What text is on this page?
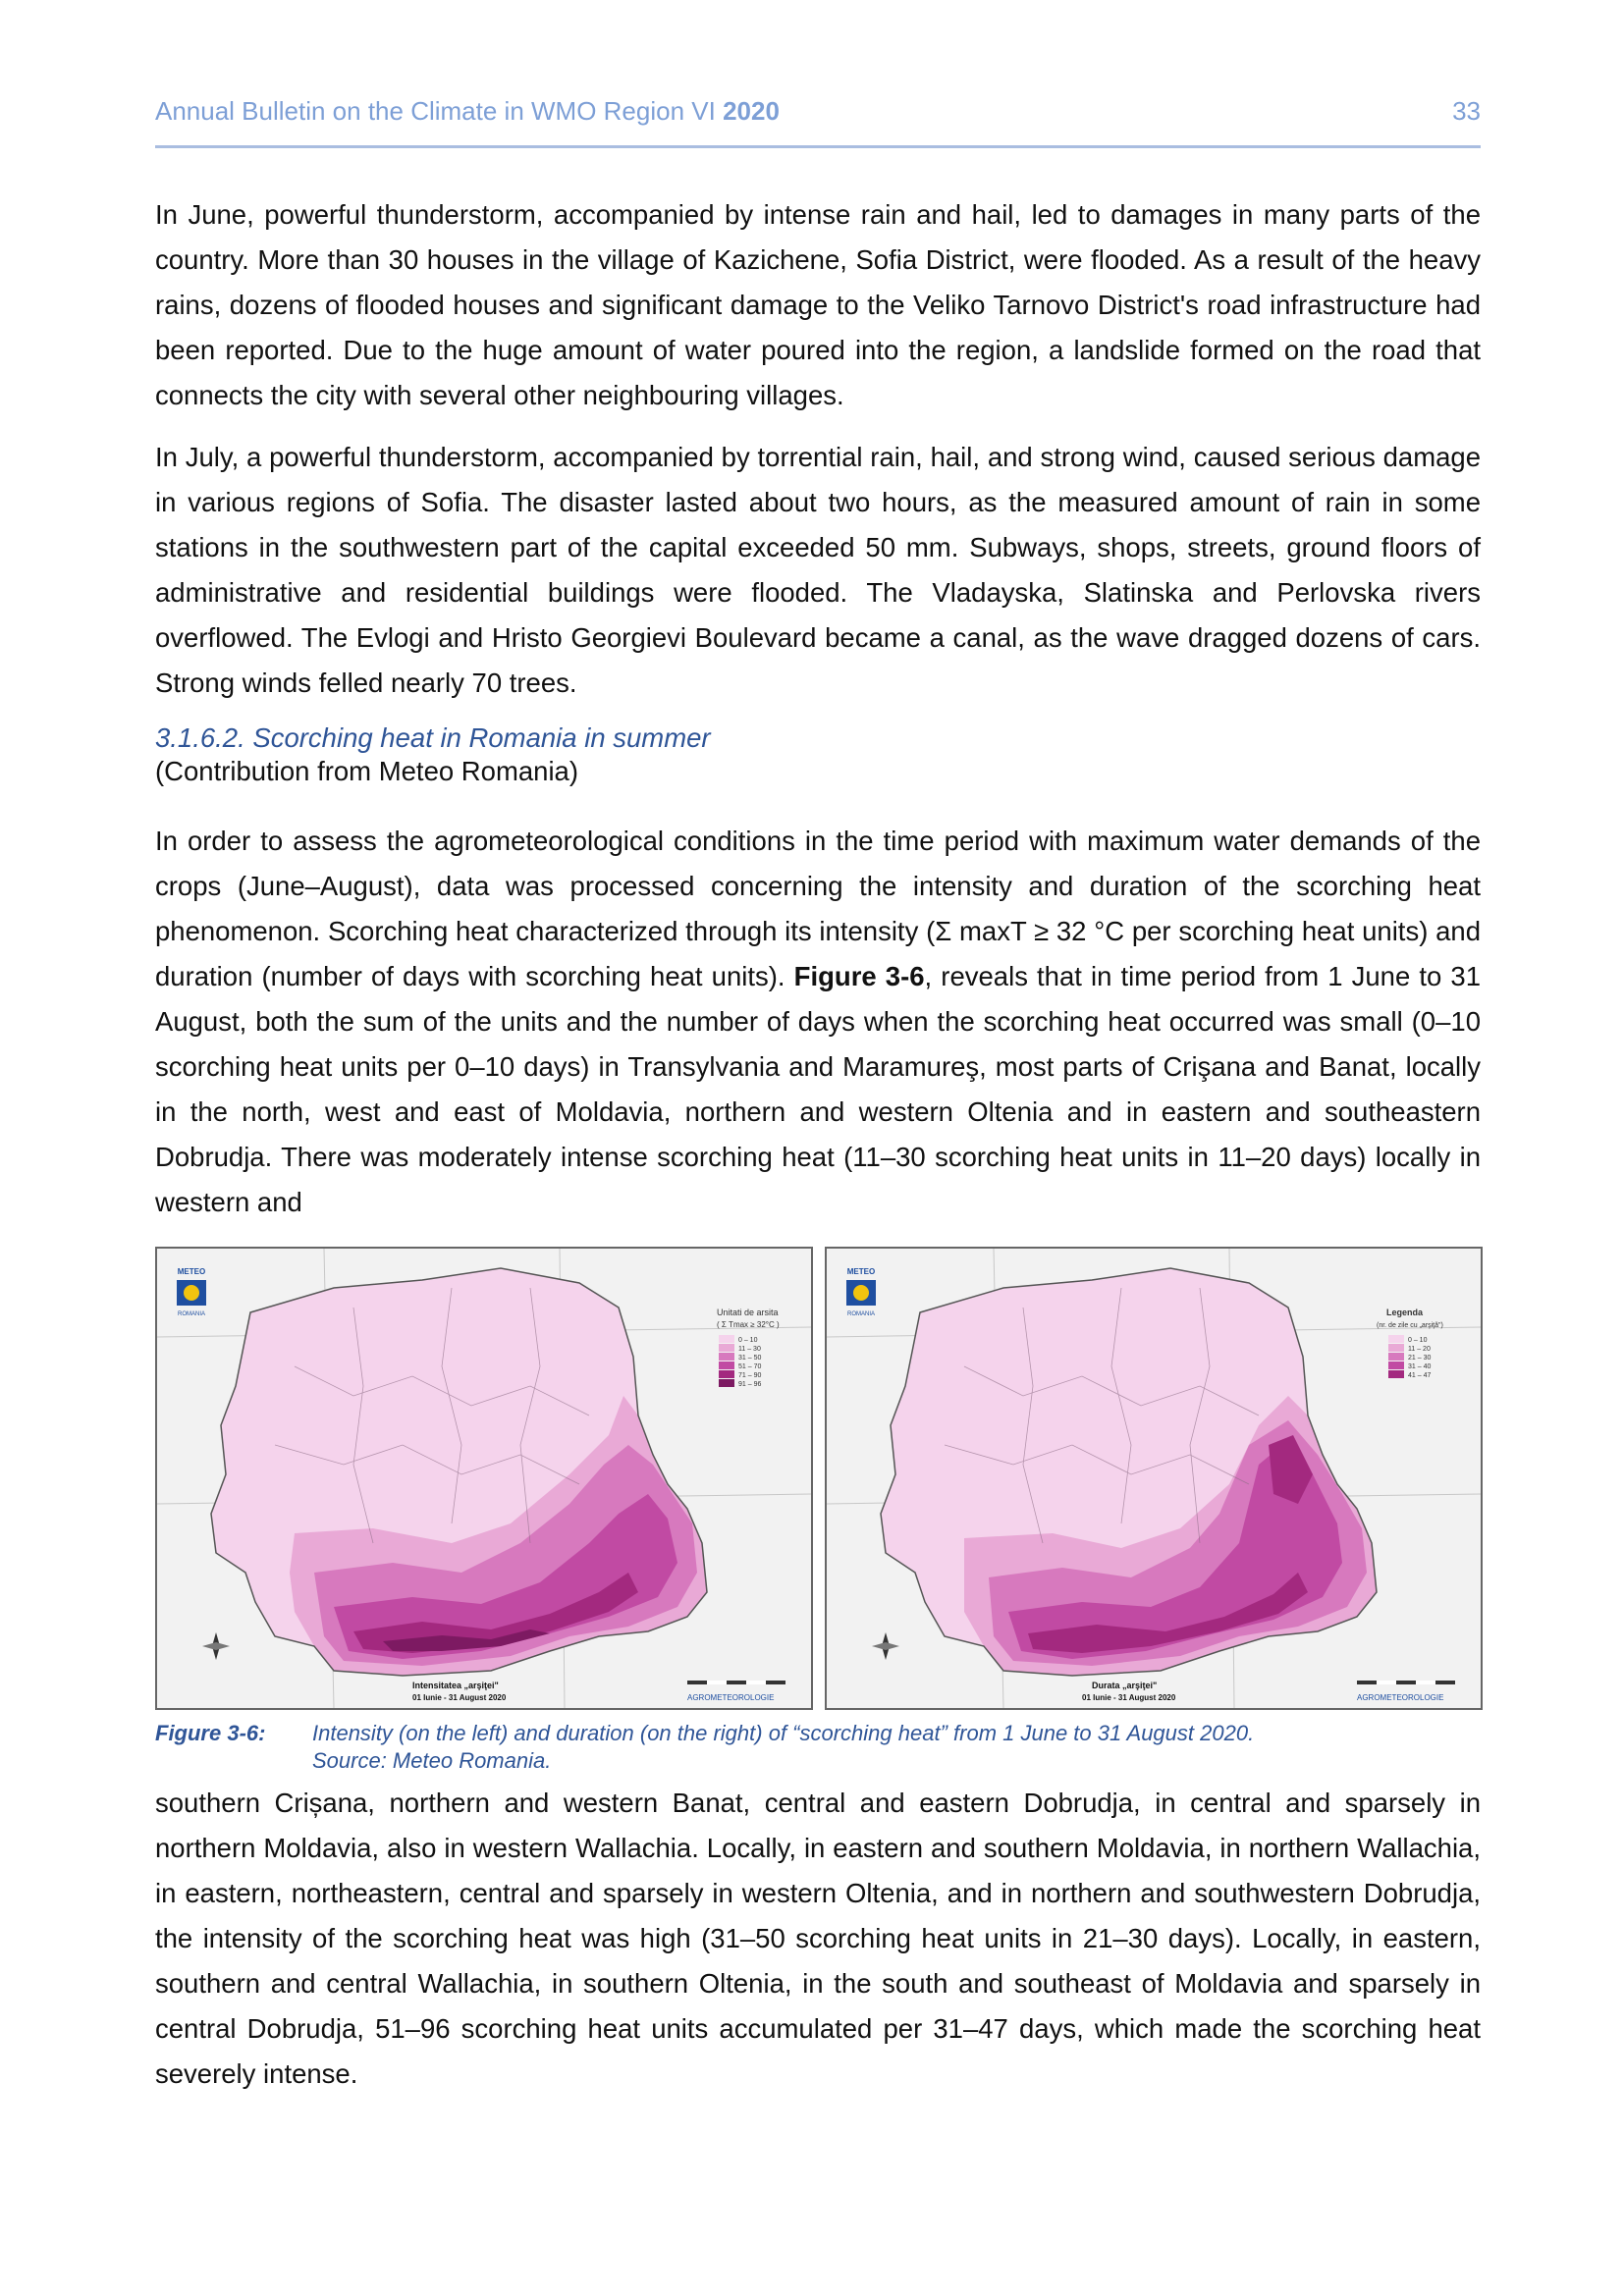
Annual Bulletin on the Climate in WMO Region VI 2020	33

In June, powerful thunderstorm, accompanied by intense rain and hail, led to damages in many parts of the country. More than 30 houses in the village of Kazichene, Sofia District, were flooded. As a result of the heavy rains, dozens of flooded houses and significant damage to the Veliko Tarnovo District's road infrastructure had been reported. Due to the huge amount of water poured into the region, a landslide formed on the road that connects the city with several other neighbouring villages.

In July, a powerful thunderstorm, accompanied by torrential rain, hail, and strong wind, caused serious damage in various regions of Sofia. The disaster lasted about two hours, as the measured amount of rain in some stations in the southwestern part of the capital exceeded 50 mm. Subways, shops, streets, ground floors of administrative and residential buildings were flooded. The Vladayska, Slatinska and Perlovska rivers overflowed. The Evlogi and Hristo Georgievi Boulevard became a canal, as the wave dragged dozens of cars. Strong winds felled nearly 70 trees.

3.1.6.2. Scorching heat in Romania in summer
(Contribution from Meteo Romania)

In order to assess the agrometeorological conditions in the time period with maximum water demands of the crops (June–August), data was processed concerning the intensity and duration of the scorching heat phenomenon. Scorching heat characterized through its intensity (Σ maxT ≥ 32 °C per scorching heat units) and duration (number of days with scorching heat units). Figure 3-6, reveals that in time period from 1 June to 31 August, both the sum of the units and the number of days when the scorching heat occurred was small (0–10 scorching heat units per 0–10 days) in Transylvania and Maramureş, most parts of Crişana and Banat, locally in the north, west and east of Moldavia, northern and western Oltenia and in eastern and southeastern Dobrudja. There was moderately intense scorching heat (11–30 scorching heat units in 11–20 days) locally in western and

METEO
ROMANIA	Unitati de arsita
( Σ Tmax ≥ 32°C )
0 – 10
11 – 30
31 – 50
51 – 70
71 – 90
91 – 96
Intensitatea „arşiţei"
01 Iunie - 31 August 2020	AGROMETEOROLOGIE
METEO
ROMANIA	Legenda
(nr. de zile cu „arşiţă")
0 – 10
11 – 20
21 – 30
31 – 40
41 – 47
Durata „arşiţei"
01 Iunie - 31 August 2020	AGROMETEOROLOGIE
Figure 3-6: Intensity (on the left) and duration (on the right) of “scorching heat” from 1 June to 31 August 2020.
Source: Meteo Romania.

southern Crișana, northern and western Banat, central and eastern Dobrudja, in central and sparsely in northern Moldavia, also in western Wallachia. Locally, in eastern and southern Moldavia, in northern Wallachia, in eastern, northeastern, central and sparsely in western Oltenia, and in northern and southwestern Dobrudja, the intensity of the scorching heat was high (31–50 scorching heat units in 21–30 days). Locally, in eastern, southern and central Wallachia, in southern Oltenia, in the south and southeast of Moldavia and sparsely in central Dobrudja, 51–96 scorching heat units accumulated per 31–47 days, which made the scorching heat severely intense.
